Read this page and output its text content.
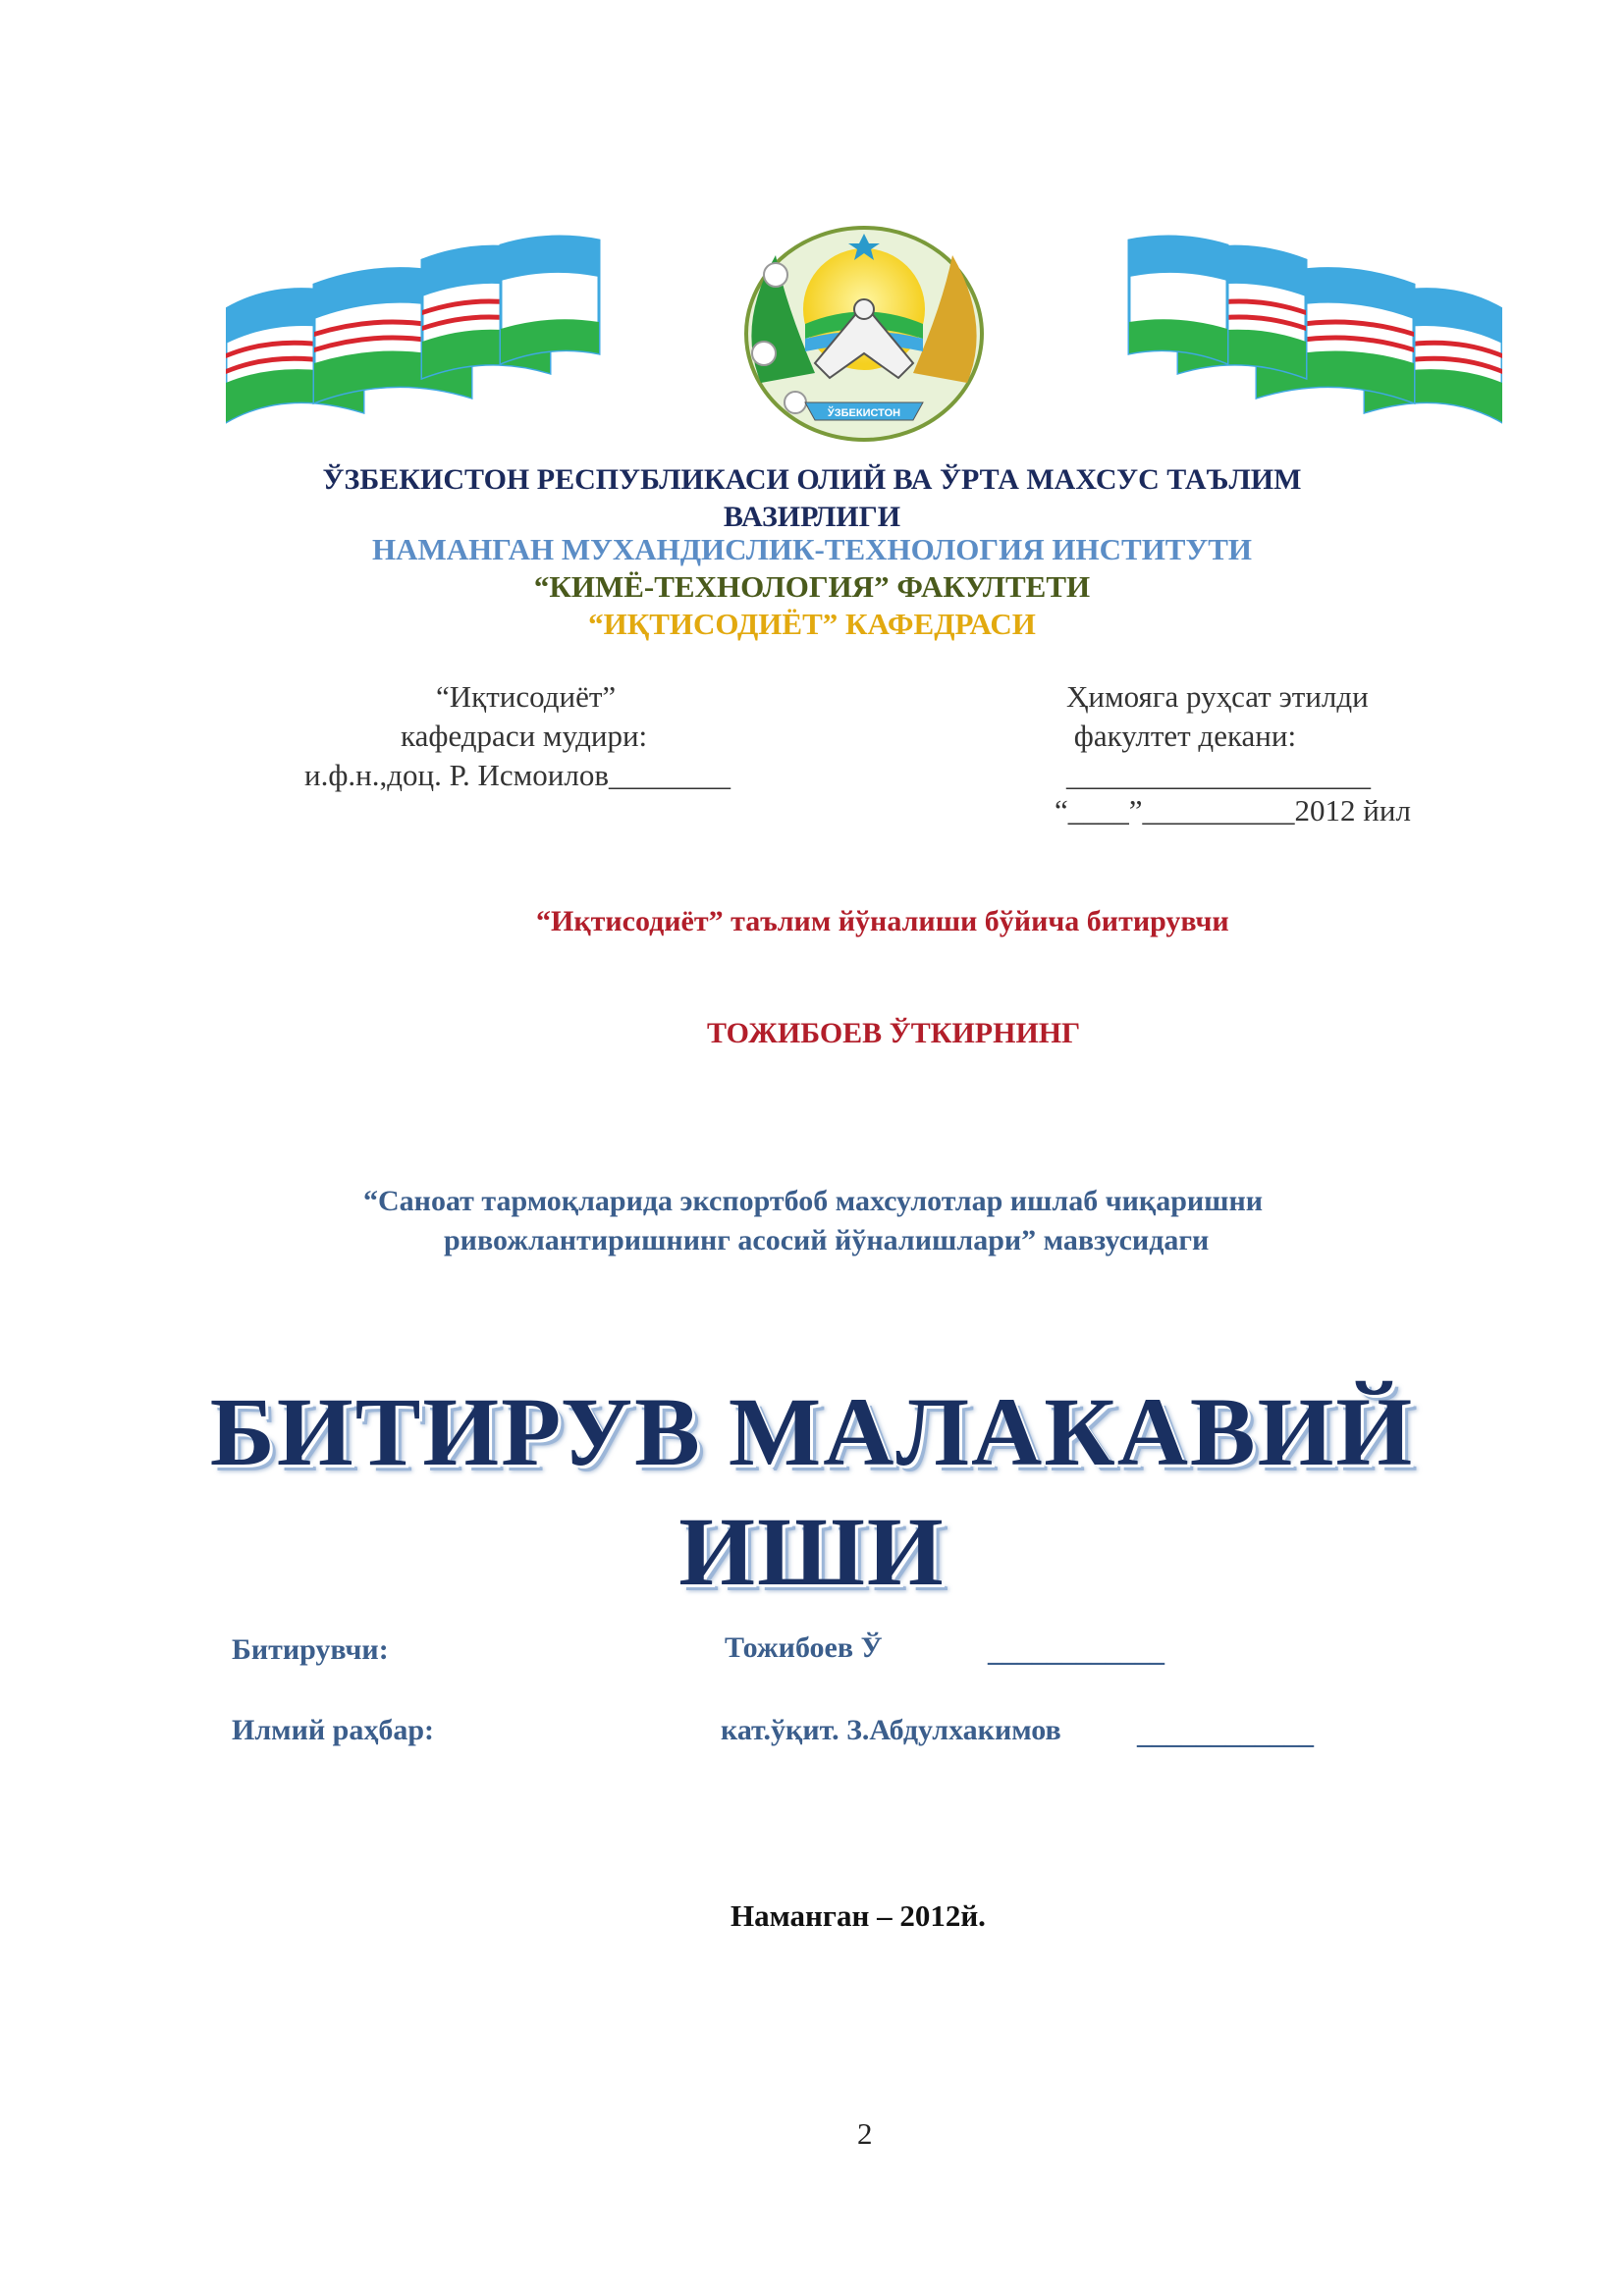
ЎЗБЕКИСТОН
ЎЗБЕКИСТОН РЕСПУБЛИКАСИ ОЛИЙ ВА ЎРТА МАХСУС ТАЪЛИМ
ВАЗИРЛИГИ
НАМАНГАН МУХАНДИСЛИК-ТЕХНОЛОГИЯ ИНСТИТУТИ
“КИМЁ-ТЕХНОЛОГИЯ” ФАКУЛТЕТИ
“ИҚТИСОДИЁТ” КАФЕДРАСИ
“Иқтисодиёт”
кафедраси мудири:
и.ф.н.,доц. Р. Исмоилов________
Ҳимояга руҳсат этилди
факултет декани:
____________________
“____”__________2012 йил
“Иқтисодиёт” таълим йўналиши бўйича битирувчи
ТОЖИБОЕВ ЎТКИРНИНГ
“Саноат тармоқларида экспортбоб махсулотлар ишлаб чиқаришни
ривожлантиришнинг асосий йўналишлари” мавзусидаги
БИТИРУВ МАЛАКАВИЙ
ИШИ
Битирувчи:	Тожибоев Ў	____________
Илмий раҳбар:	кат.ўқит. З.Абдулхакимов	____________
Наманган – 2012й.
2
